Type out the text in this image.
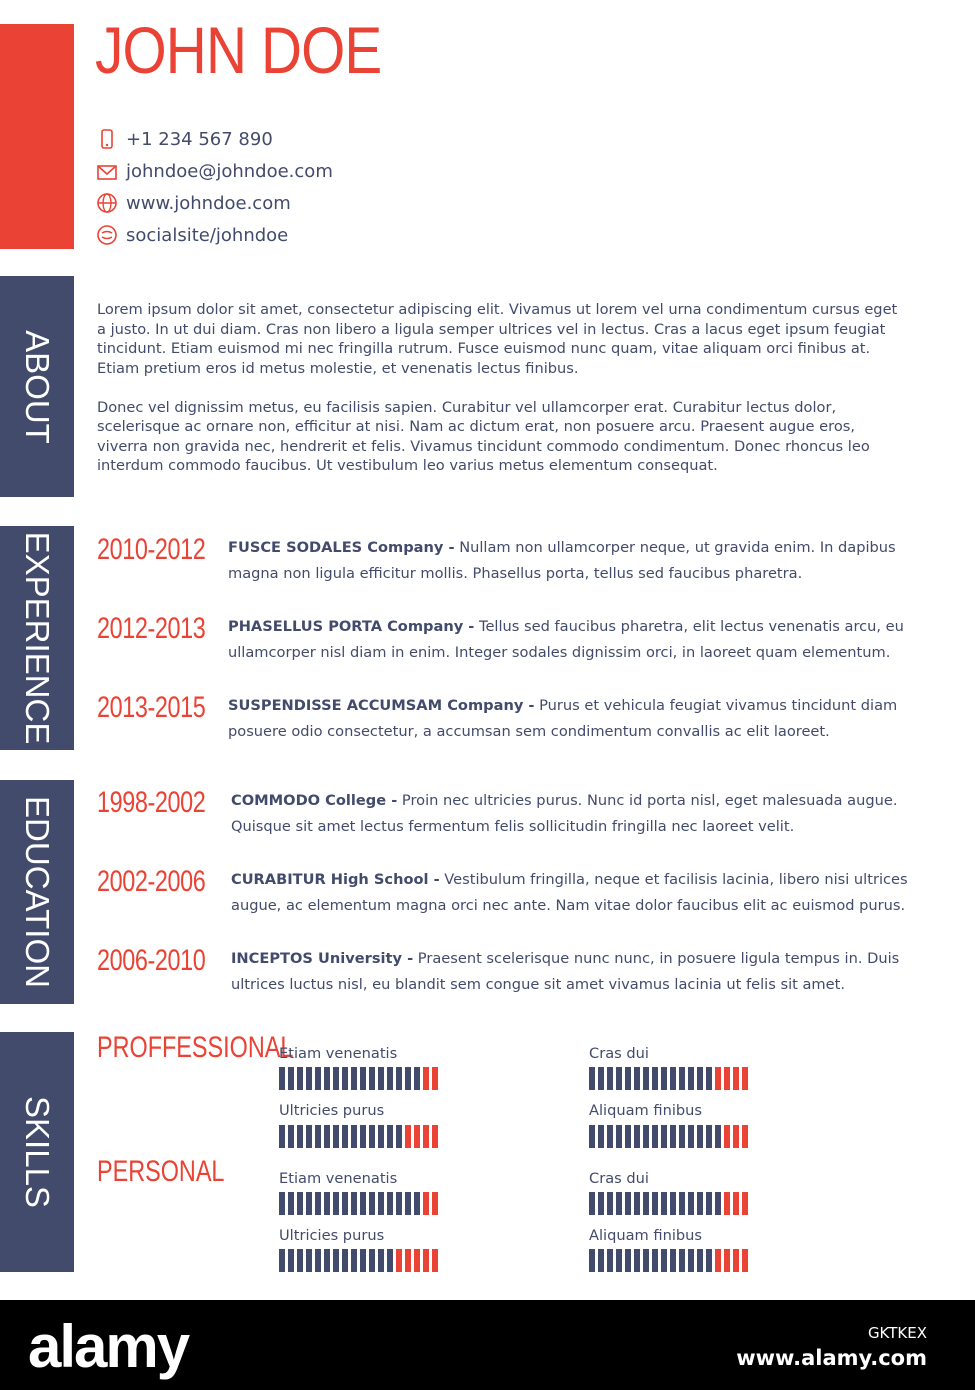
JOHN DOE
+1 234 567 890
johndoe@johndoe.com
www.johndoe.com
socialsite/johndoe
ABOUT
EXPERIENCE
EDUCATION
SKILLS

Lorem ipsum dolor sit amet, consectetur adipiscing elit. Vivamus ut lorem vel urna condimentum cursus eget a justo. In ut dui diam. Cras non libero a ligula semper ultrices vel in lectus. Cras a lacus eget ipsum feugiat tincidunt. Etiam euismod mi nec fringilla rutrum. Fusce euismod nunc quam, vitae aliquam orci finibus at. Etiam pretium eros id metus molestie, et venenatis lectus finibus.

Donec vel dignissim metus, eu facilisis sapien. Curabitur vel ullamcorper erat. Curabitur lectus dolor, scelerisque ac ornare non, efficitur at nisi. Nam ac dictum erat, non posuere arcu. Praesent augue eros, viverra non gravida nec, hendrerit et felis. Vivamus tincidunt commodo condimentum. Donec rhoncus leo interdum commodo faucibus. Ut vestibulum leo varius metus elementum consequat.

2010-2012 FUSCE SODALES Company - Nullam non ullamcorper neque, ut gravida enim. In dapibus magna non ligula efficitur mollis. Phasellus porta, tellus sed faucibus pharetra.
2012-2013 PHASELLUS PORTA Company - Tellus sed faucibus pharetra, elit lectus venenatis arcu, eu ullamcorper nisl diam in enim. Integer sodales dignissim orci, in laoreet quam elementum.
2013-2015 SUSPENDISSE ACCUMSAM Company - Purus et vehicula feugiat vivamus tincidunt diam posuere odio consectetur, a accumsan sem condimentum convallis ac elit laoreet.
1998-2002 COMMODO College - Proin nec ultricies purus. Nunc id porta nisl, eget malesuada augue. Quisque sit amet lectus fermentum felis sollicitudin fringilla nec laoreet velit.
2002-2006 CURABITUR High School - Vestibulum fringilla, neque et facilisis lacinia, libero nisi ultrices augue, ac elementum magna orci nec ante. Nam vitae dolor faucibus elit ac euismod purus.
2006-2010 INCEPTOS University - Praesent scelerisque nunc nunc, in posuere ligula tempus in. Duis ultrices luctus nisl, eu blandit sem congue sit amet vivamus lacinia ut felis sit amet.
PROFFESSIONAL
PERSONAL
Etiam venenatis	Cras dui
Ultricies purus	Aliquam finibus
Etiam venenatis	Cras dui
Ultricies purus	Aliquam finibus
alamy	GKTKEX
www.alamy.com
